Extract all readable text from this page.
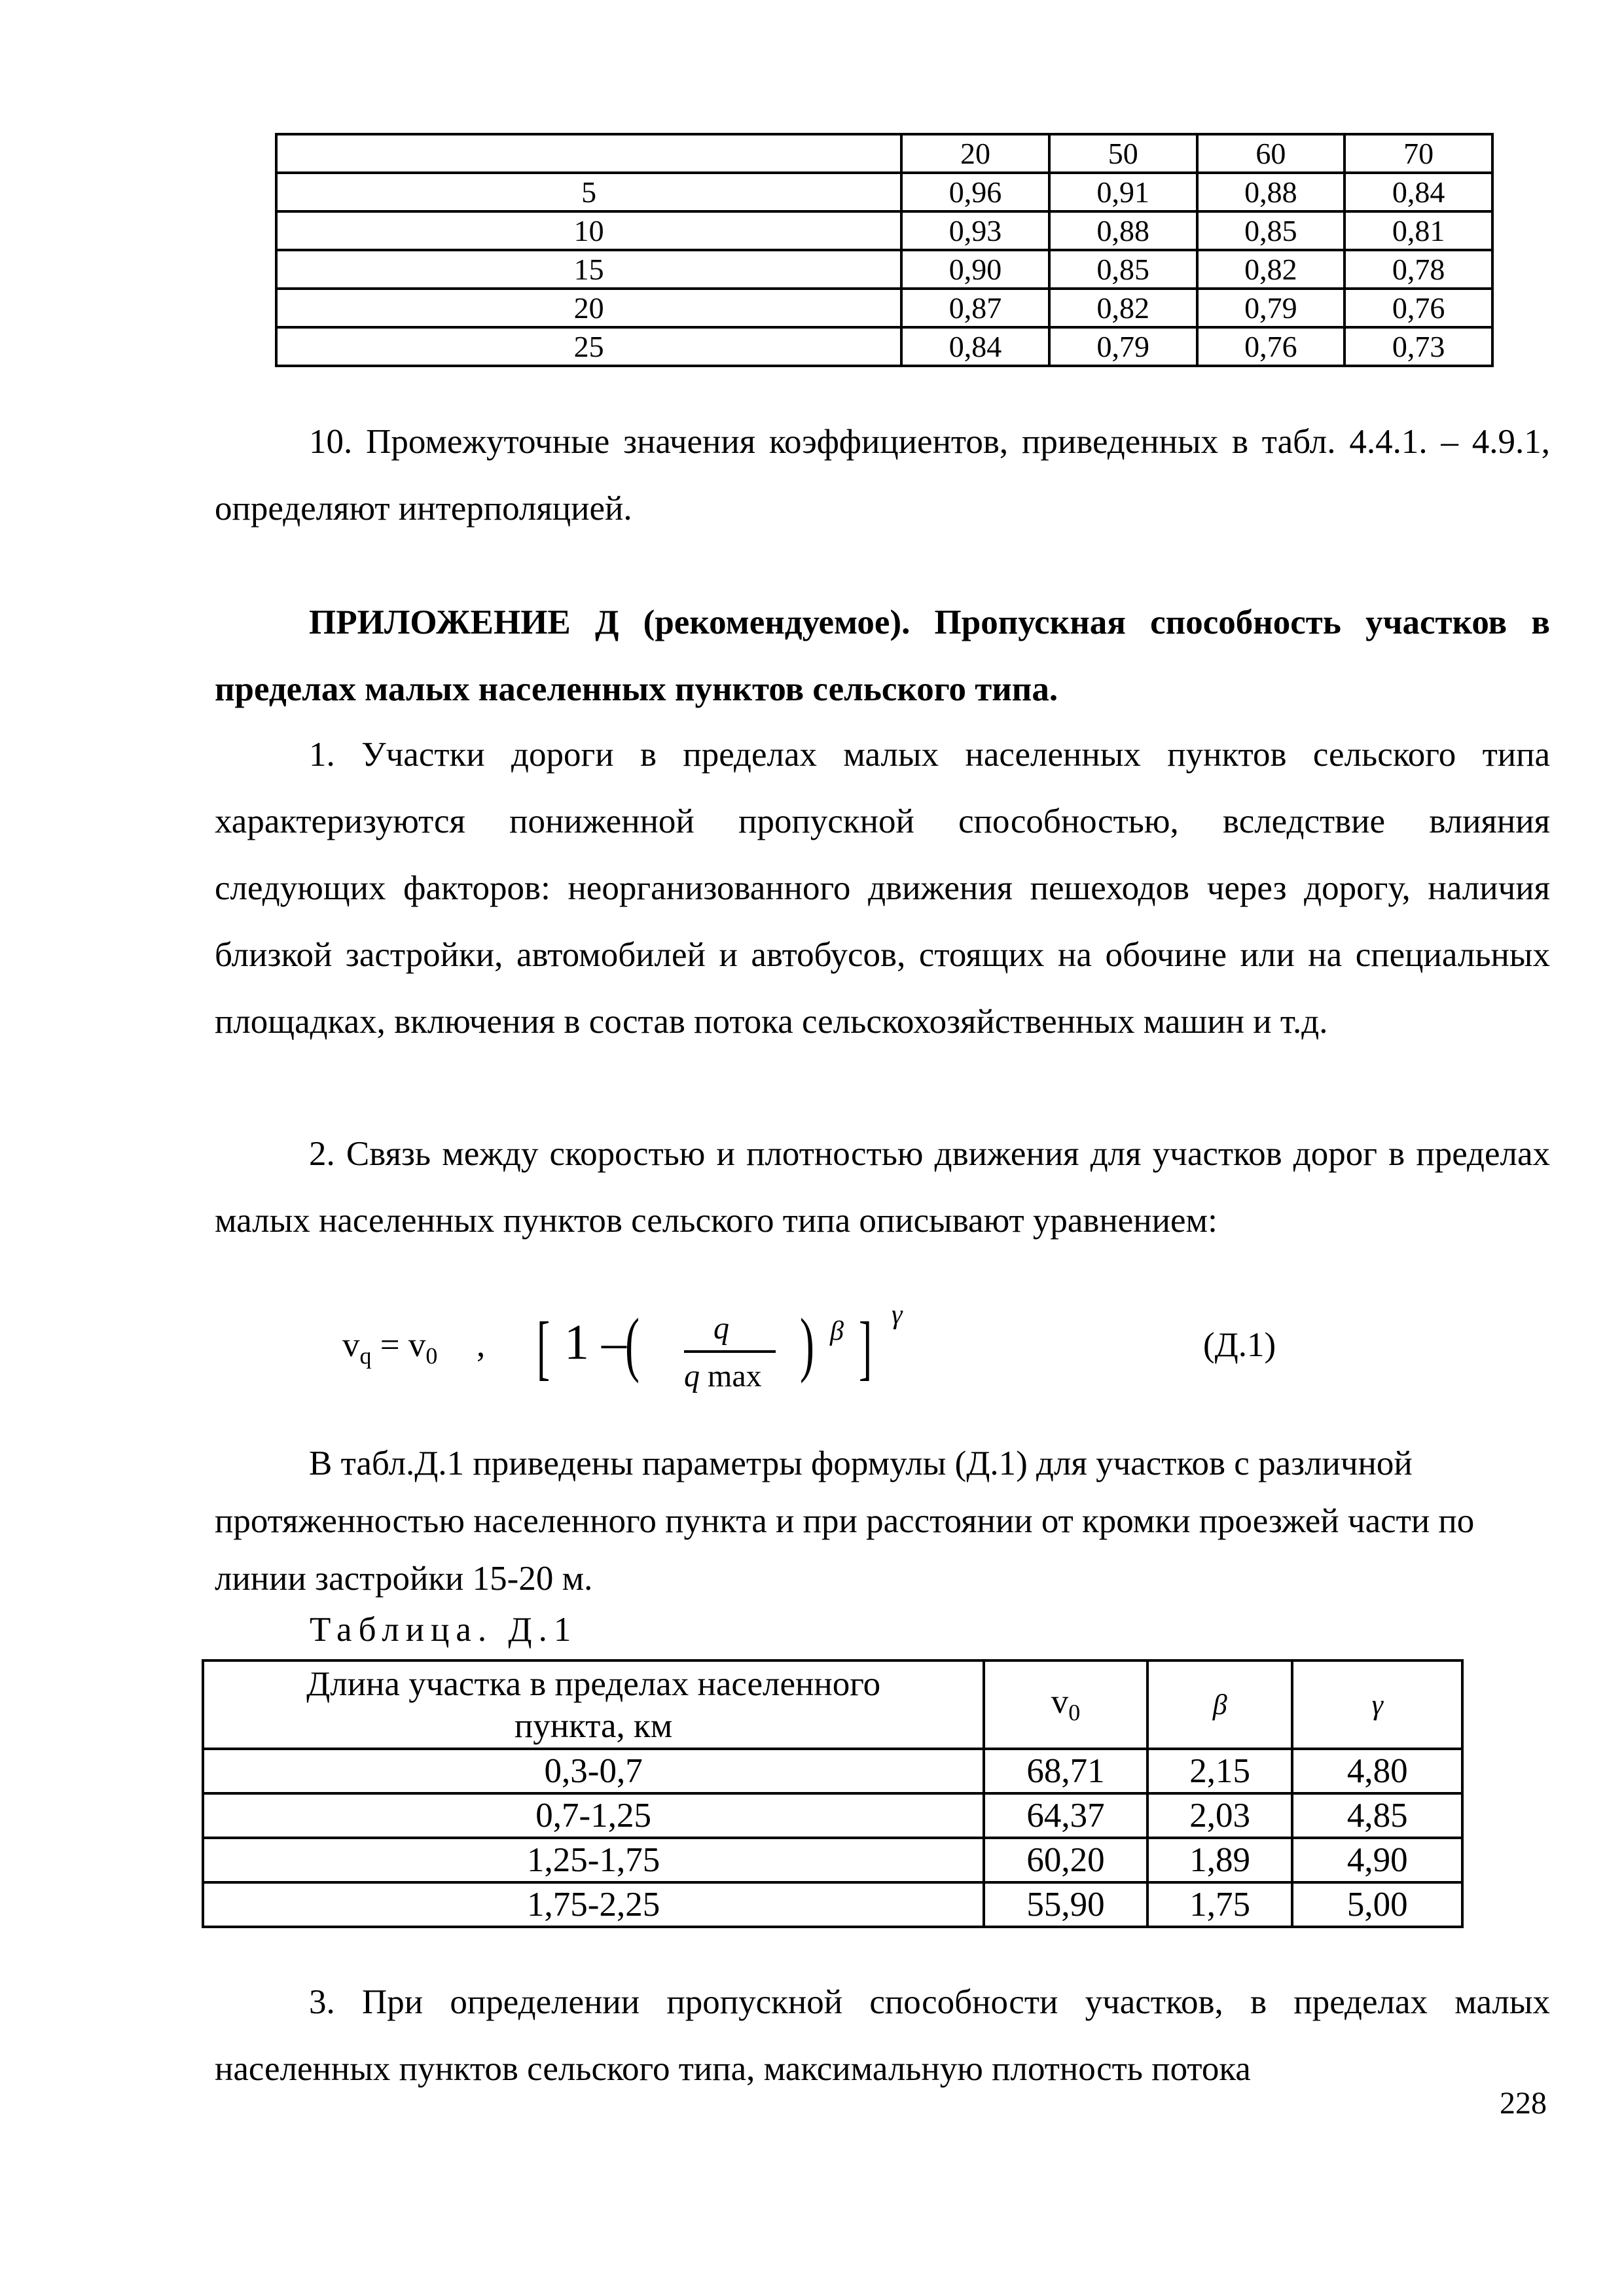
	20	50	60	70
5	0,96	0,91	0,88	0,84
10	0,93	0,88	0,85	0,81
15	0,90	0,85	0,82	0,78
20	0,87	0,82	0,79	0,76
25	0,84	0,79	0,76	0,73

10. Промежуточные значения коэффициентов, приведенных в табл. 4.4.1. – 4.9.1, определяют интерполяцией.

ПРИЛОЖЕНИЕ Д (рекомендуемое). Пропускная способность участков в пределах малых населенных пунктов сельского типа.

1. Участки дороги в пределах малых населенных пунктов сельского типа характеризуются пониженной пропускной способностью, вследствие влияния следующих факторов: неорганизованного движения пешеходов через дорогу, наличия близкой застройки, автомобилей и автобусов, стоящих на обочине или на специальных площадках, включения в состав потока сельскохозяйственных машин и т.д.

2. Связь между скоростью и плотностью движения для участков дорог в пределах малых населенных пунктов сельского типа описывают уравнением:

$v_q = v_0$ , [ 1 –
( q
q max ) β ] γ
(Д.1)

В табл.Д.1 приведены параметры формулы (Д.1) для участков с различной протяженностью населенного пункта и при расстоянии от кромки проезжей части по линии застройки 15-20 м.

Таблица. Д.1
Длина участка в пределах населенного
пункта, км	$v_0$	β	γ
0,3-0,7	68,71	2,15	4,80
0,7-1,25	64,37	2,03	4,85
1,25-1,75	60,20	1,89	4,90
1,75-2,25	55,90	1,75	5,00

3. При определении пропускной способности участков, в пределах малых населенных пунктов сельского типа, максимальную плотность потока

228
